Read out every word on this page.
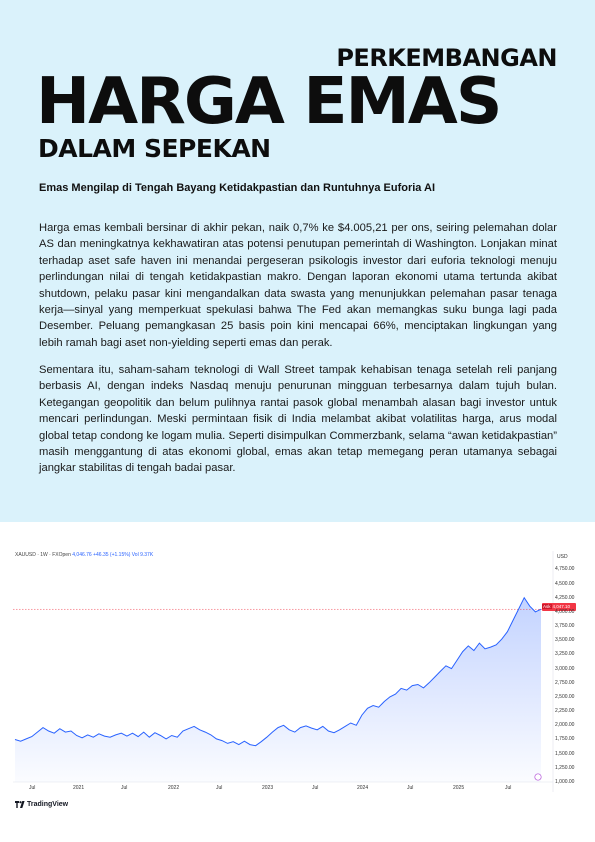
PERKEMBANGAN
HARGA EMAS
DALAM SEPEKAN
Emas Mengilap di Tengah Bayang Ketidakpastian dan Runtuhnya Euforia AI

Harga emas kembali bersinar di akhir pekan, naik 0,7% ke $4.005,21 per ons, seiring pelemahan dolar AS dan meningkatnya kekhawatiran atas potensi penutupan pemerintah di Washington. Lonjakan minat terhadap aset safe haven ini menandai pergeseran psikologis investor dari euforia teknologi menuju perlindungan nilai di tengah ketidakpastian makro. Dengan laporan ekonomi utama tertunda akibat shutdown, pelaku pasar kini mengandalkan data swasta yang menunjukkan pelemahan pasar tenaga kerja—sinyal yang memperkuat spekulasi bahwa The Fed akan memangkas suku bunga lagi pada Desember. Peluang pemangkasan 25 basis poin kini mencapai 66%, menciptakan lingkungan yang lebih ramah bagi aset non-yielding seperti emas dan perak.

Sementara itu, saham-saham teknologi di Wall Street tampak kehabisan tenaga setelah reli panjang berbasis AI, dengan indeks Nasdaq menuju penurunan mingguan terbesarnya dalam tujuh bulan. Ketegangan geopolitik dan belum pulihnya rantai pasok global menambah alasan bagi investor untuk mencari perlindungan. Meski permintaan fisik di India melambat akibat volatilitas harga, arus modal global tetap condong ke logam mulia. Seperti disimpulkan Commerzbank, selama “awan ketidakpastian” masih menggantung di atas ekonomi global, emas akan tetap memegang peran utamanya sebagai jangkar stabilitas di tengah badai pasar.

XAUUSD · 1W · FXOpen 4,046.76 +46.35 (+1.15%) Vol 9.37K	USD
Ask 4,047.10
4,750.00
4,500.00
4,250.00
4,000.00
3,750.00
3,500.00
3,250.00
3,000.00
2,750.00
2,500.00
2,250.00
2,000.00
1,750.00
1,500.00
1,250.00
1,000.00
Jul	2021	Jul	2022	Jul	2023	Jul	2024	Jul	2025	Jul
TradingView
